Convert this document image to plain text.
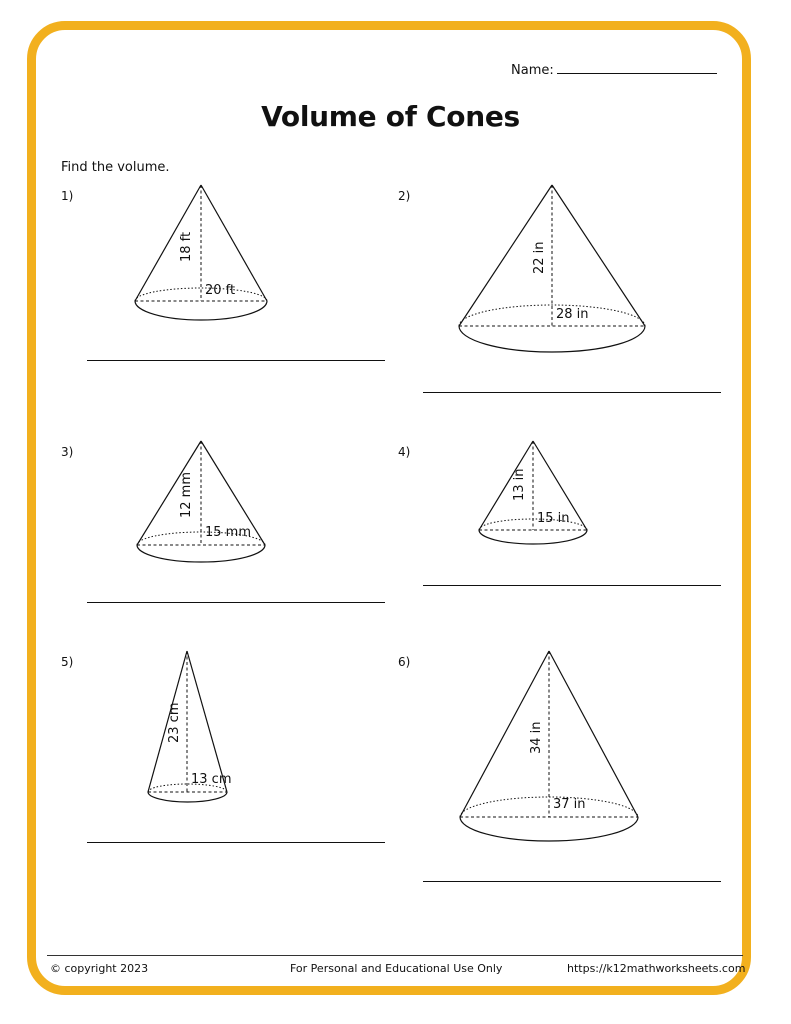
Name:
Volume of Cones
Find the volume.
1)
18 ft
20 ft
2)
22 in
28 in
3)
12 mm
15 mm
4)
13 in
15 in
5)
23 cm
13 cm
6)
34 in
37 in
© copyright 2023	For Personal and Educational Use Only	https://k12mathworksheets.com
